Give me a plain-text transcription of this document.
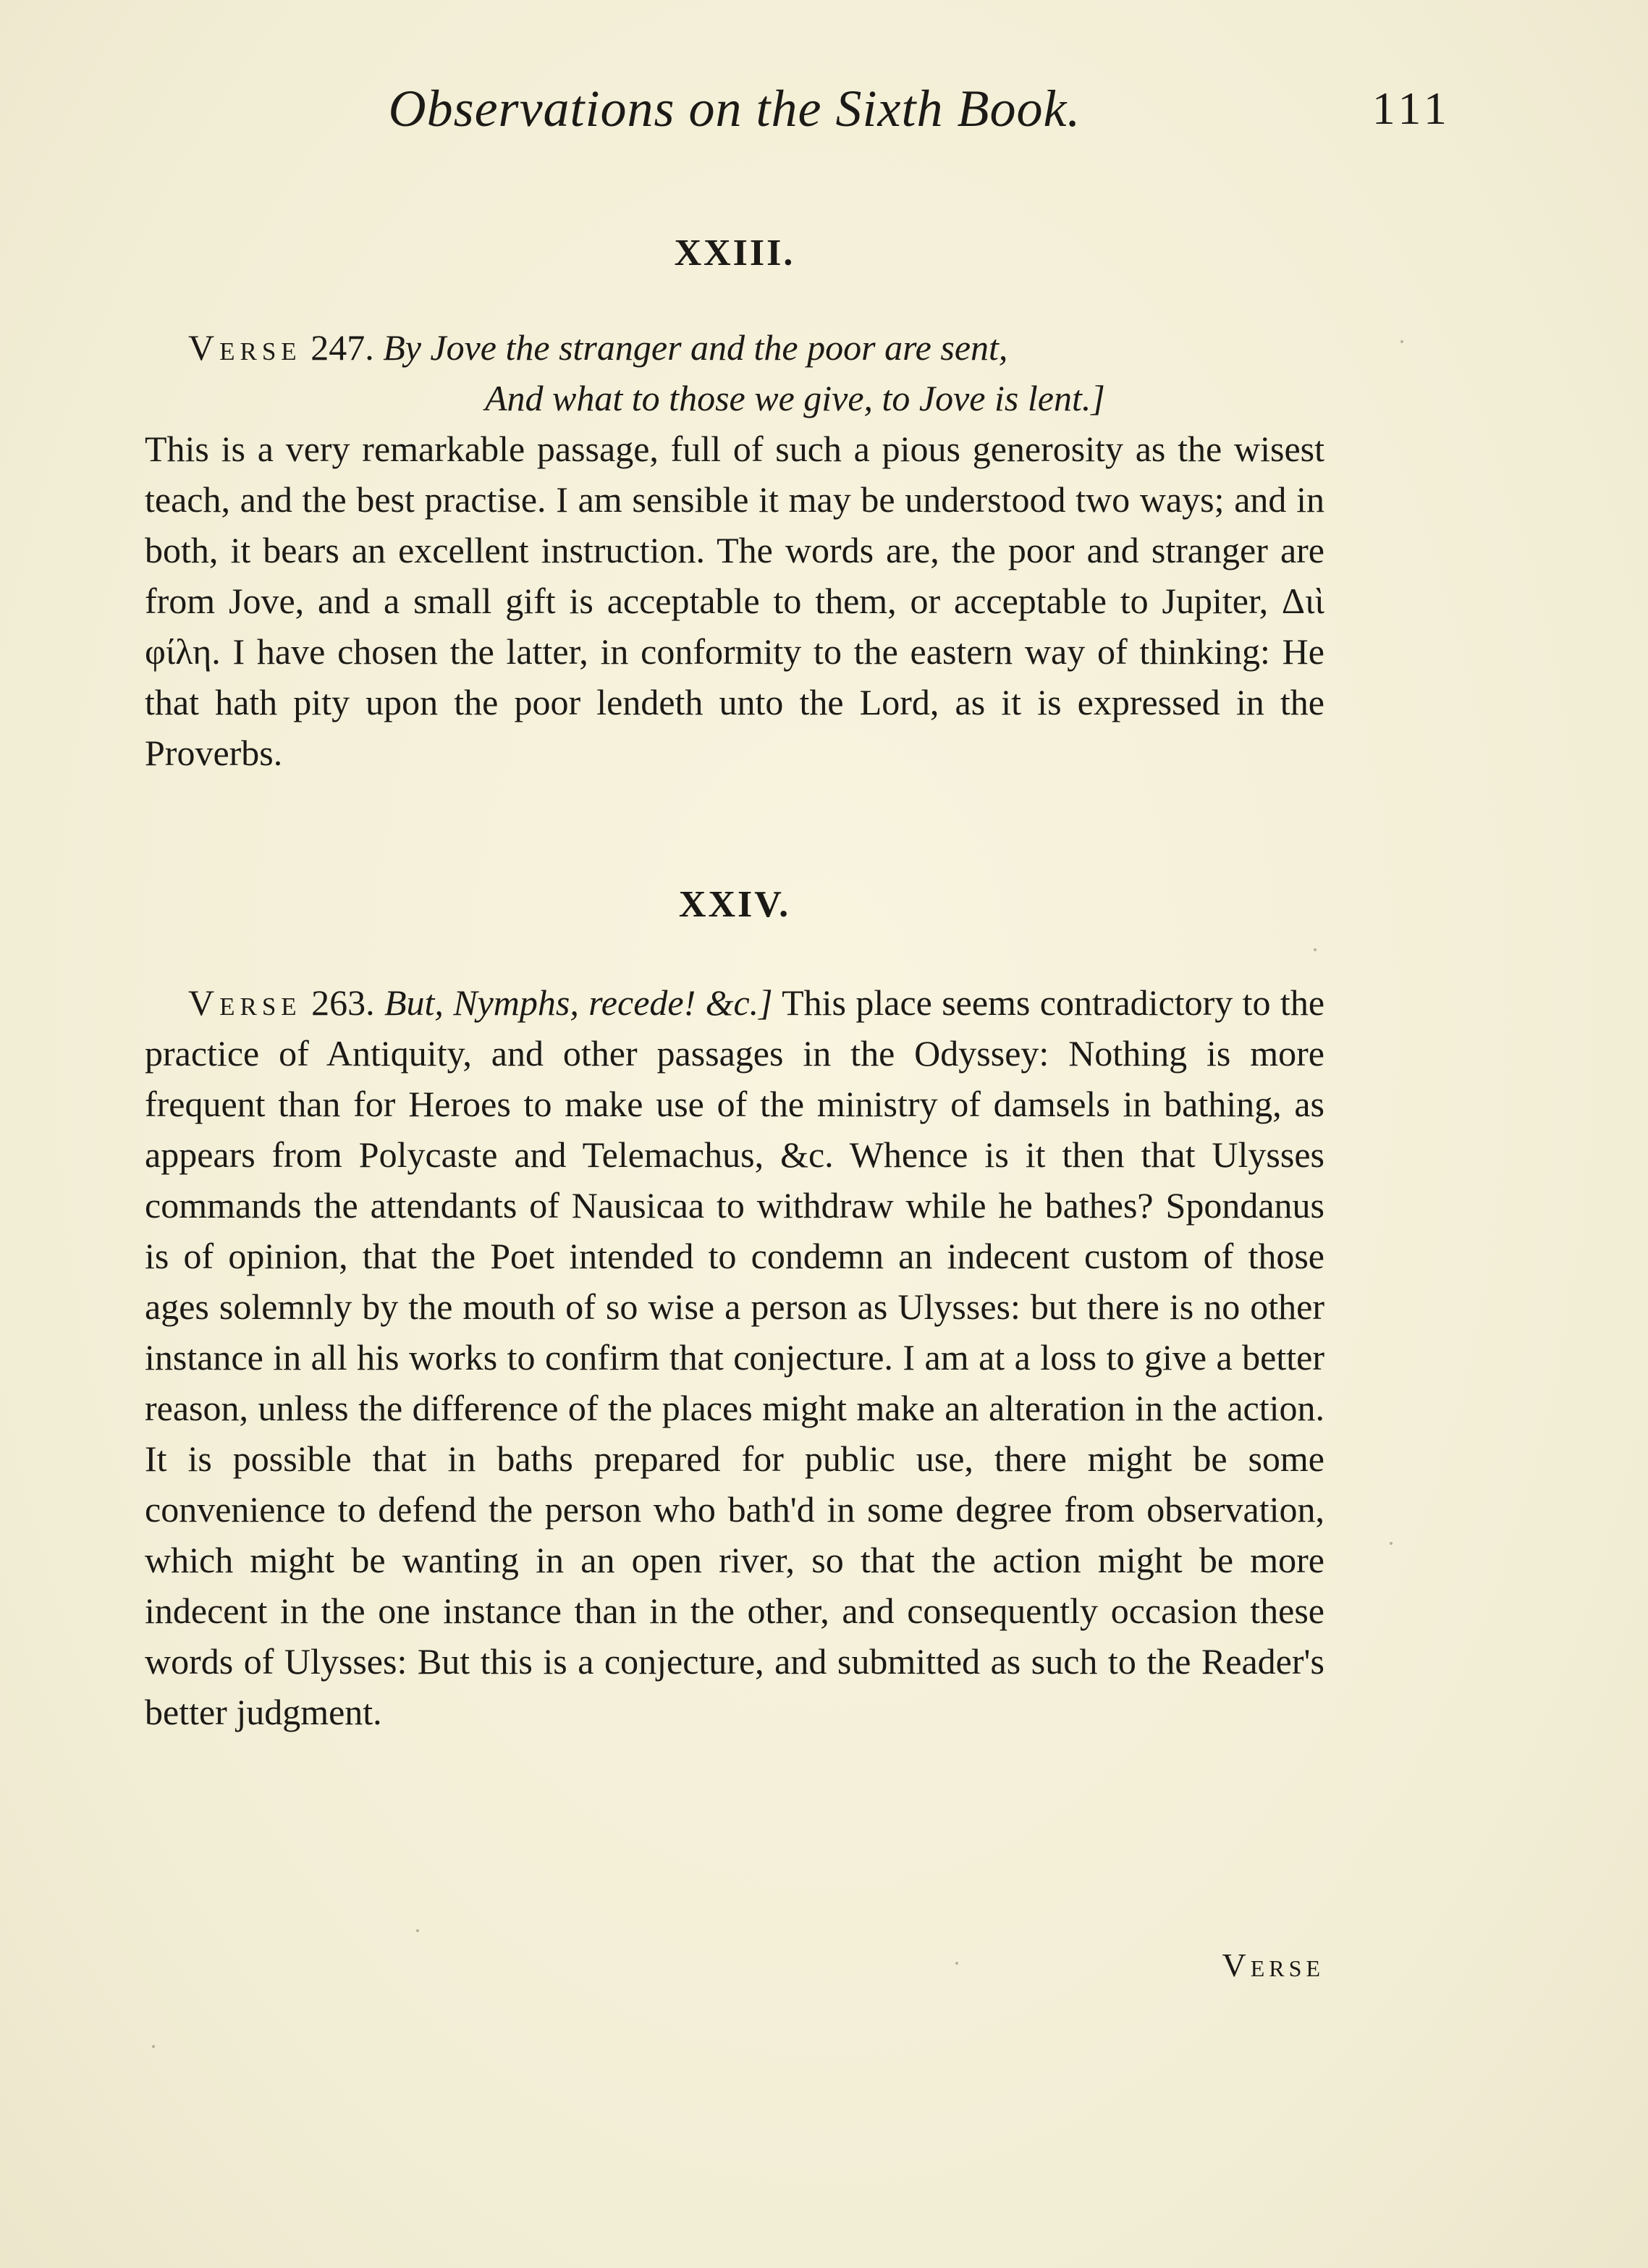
Observations on the Sixth Book.	111
XXIII.
Verse 247. By Jove the stranger and the poor are sent,
And what to those we give, to Jove is lent.]

This is a very remarkable passage, full of such a pious generosity as the wisest teach, and the best practise. I am sensible it may be understood two ways; and in both, it bears an excellent instruction. The words are, the poor and stranger are from Jove, and a small gift is acceptable to them, or acceptable to Jupiter, Διὶ φίλη. I have chosen the latter, in conformity to the eastern way of thinking: He that hath pity upon the poor lendeth unto the Lord, as it is expressed in the Proverbs.

XXIV.

Verse 263. But, Nymphs, recede! &c.] This place seems contradictory to the practice of Antiquity, and other passages in the Odyssey: Nothing is more frequent than for Heroes to make use of the ministry of damsels in bathing, as appears from Polycaste and Telemachus, &c. Whence is it then that Ulysses commands the attendants of Nausicaa to withdraw while he bathes? Spondanus is of opinion, that the Poet intended to condemn an indecent custom of those ages solemnly by the mouth of so wise a person as Ulysses: but there is no other instance in all his works to confirm that conjecture. I am at a loss to give a better reason, unless the difference of the places might make an alteration in the action. It is possible that in baths prepared for public use, there might be some convenience to defend the person who bath'd in some degree from observation, which might be wanting in an open river, so that the action might be more indecent in the one instance than in the other, and consequently occasion these words of Ulysses: But this is a conjecture, and submitted as such to the Reader's better judgment.

Verse
